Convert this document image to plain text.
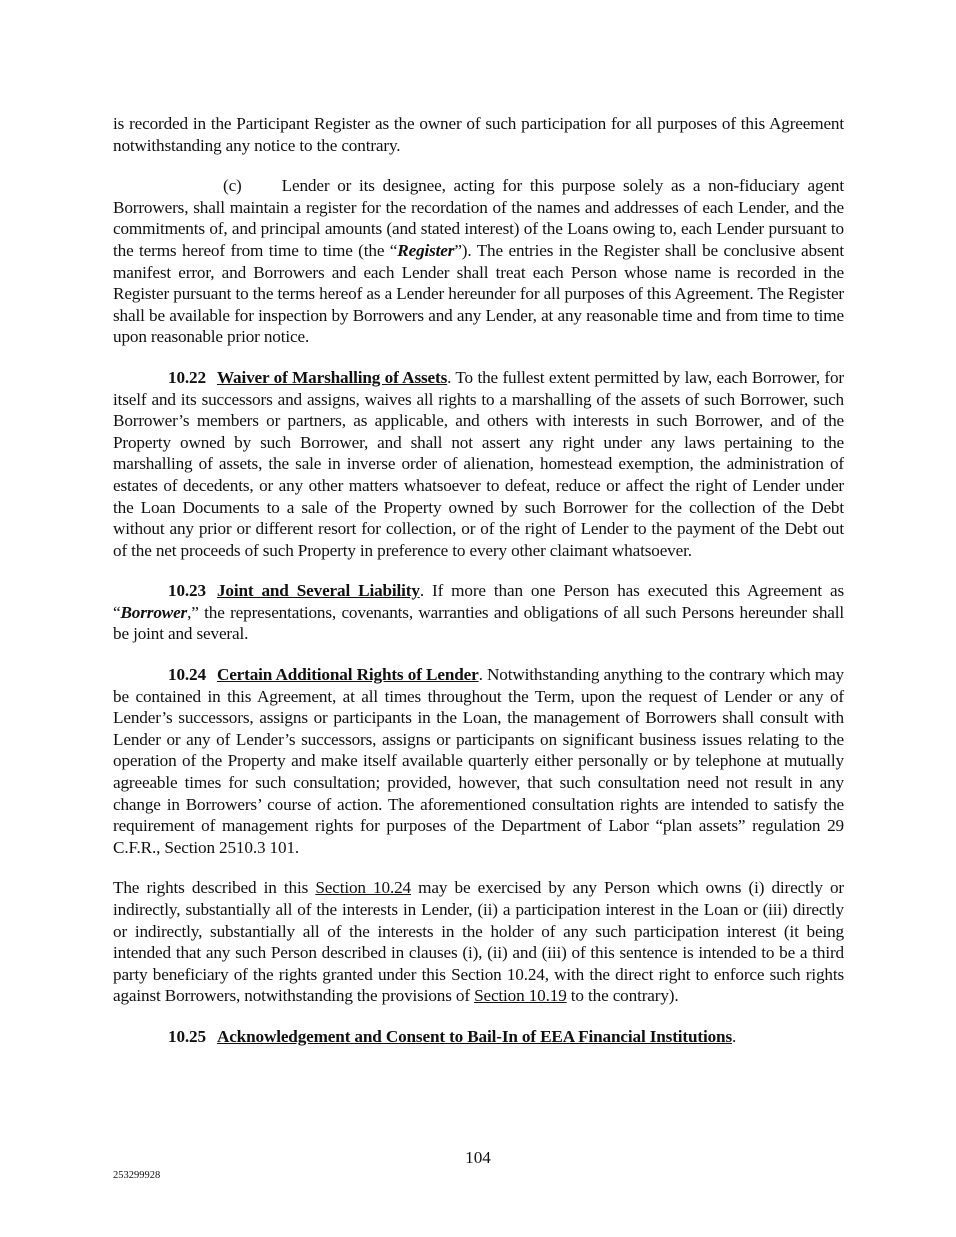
is recorded in the Participant Register as the owner of such participation for all purposes of this Agreement notwithstanding any notice to the contrary.

(c) Lender or its designee, acting for this purpose solely as a non-fiduciary agent Borrowers, shall maintain a register for the recordation of the names and addresses of each Lender, and the commitments of, and principal amounts (and stated interest) of the Loans owing to, each Lender pursuant to the terms hereof from time to time (the “Register”). The entries in the Register shall be conclusive absent manifest error, and Borrowers and each Lender shall treat each Person whose name is recorded in the Register pursuant to the terms hereof as a Lender hereunder for all purposes of this Agreement. The Register shall be available for inspection by Borrowers and any Lender, at any reasonable time and from time to time upon reasonable prior notice.

10.22 Waiver of Marshalling of Assets. To the fullest extent permitted by law, each Borrower, for itself and its successors and assigns, waives all rights to a marshalling of the assets of such Borrower, such Borrower’s members or partners, as applicable, and others with interests in such Borrower, and of the Property owned by such Borrower, and shall not assert any right under any laws pertaining to the marshalling of assets, the sale in inverse order of alienation, homestead exemption, the administration of estates of decedents, or any other matters whatsoever to defeat, reduce or affect the right of Lender under the Loan Documents to a sale of the Property owned by such Borrower for the collection of the Debt without any prior or different resort for collection, or of the right of Lender to the payment of the Debt out of the net proceeds of such Property in preference to every other claimant whatsoever.

10.23 Joint and Several Liability. If more than one Person has executed this Agreement as “Borrower,” the representations, covenants, warranties and obligations of all such Persons hereunder shall be joint and several.

10.24 Certain Additional Rights of Lender. Notwithstanding anything to the contrary which may be contained in this Agreement, at all times throughout the Term, upon the request of Lender or any of Lender’s successors, assigns or participants in the Loan, the management of Borrowers shall consult with Lender or any of Lender’s successors, assigns or participants on significant business issues relating to the operation of the Property and make itself available quarterly either personally or by telephone at mutually agreeable times for such consultation; provided, however, that such consultation need not result in any change in Borrowers’ course of action. The aforementioned consultation rights are intended to satisfy the requirement of management rights for purposes of the Department of Labor “plan assets” regulation 29 C.F.R., Section 2510.3 101.

The rights described in this Section 10.24 may be exercised by any Person which owns (i) directly or indirectly, substantially all of the interests in Lender, (ii) a participation interest in the Loan or (iii) directly or indirectly, substantially all of the interests in the holder of any such participation interest (it being intended that any such Person described in clauses (i), (ii) and (iii) of this sentence is intended to be a third party beneficiary of the rights granted under this Section 10.24, with the direct right to enforce such rights against Borrowers, notwithstanding the provisions of Section 10.19 to the contrary).

10.25 Acknowledgement and Consent to Bail-In of EEA Financial Institutions.

104
253299928
